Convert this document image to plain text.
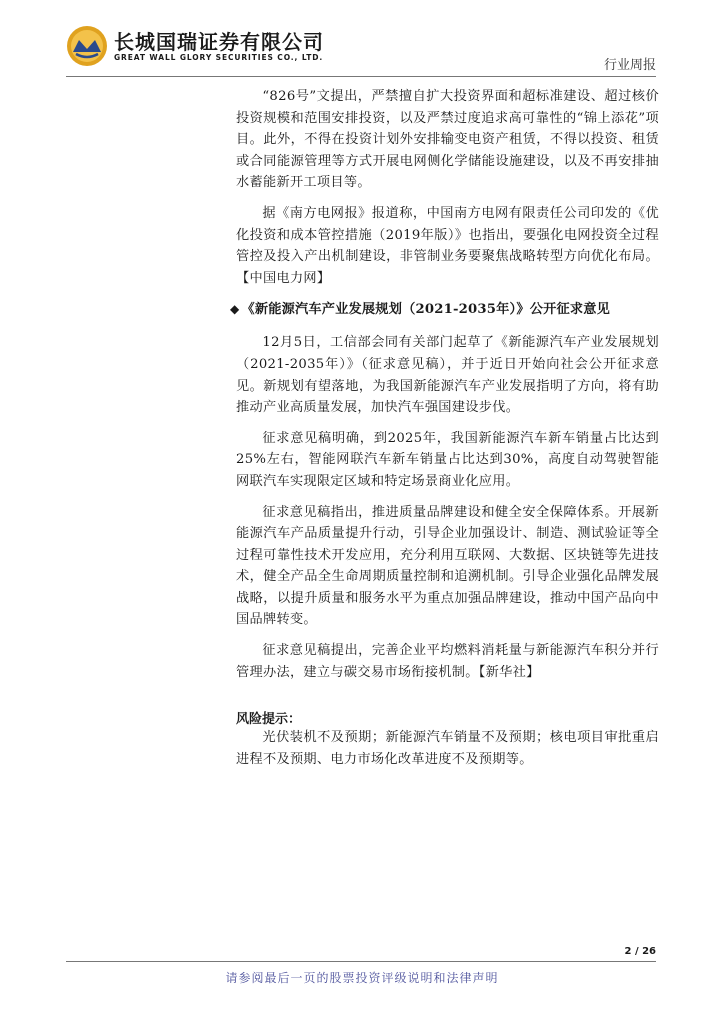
长城国瑞证券有限公司
GREAT WALL GLORY SECURITIES CO., LTD.
行业周报

“826号”文提出，严禁擅自扩大投资界面和超标准建设、超过核价投资规模和范围安排投资，以及严禁过度追求高可靠性的“锦上添花”项目。此外，不得在投资计划外安排输变电资产租赁，不得以投资、租赁或合同能源管理等方式开展电网侧化学储能设施建设，以及不再安排抽水蓄能新开工项目等。

据《南方电网报》报道称，中国南方电网有限责任公司印发的《优化投资和成本管控措施（2019年版）》也指出，要强化电网投资全过程管控及投入产出机制建设，非管制业务要聚焦战略转型方向优化布局。【中国电力网】

◆ 《新能源汽车产业发展规划（2021-2035年）》公开征求意见

12月5日，工信部会同有关部门起草了《新能源汽车产业发展规划（2021-2035年）》（征求意见稿），并于近日开始向社会公开征求意见。新规划有望落地，为我国新能源汽车产业发展指明了方向，将有助推动产业高质量发展，加快汽车强国建设步伐。

征求意见稿明确，到2025年，我国新能源汽车新车销量占比达到25%左右，智能网联汽车新车销量占比达到30%，高度自动驾驶智能网联汽车实现限定区域和特定场景商业化应用。

征求意见稿指出，推进质量品牌建设和健全安全保障体系。开展新能源汽车产品质量提升行动，引导企业加强设计、制造、测试验证等全过程可靠性技术开发应用，充分利用互联网、大数据、区块链等先进技术，健全产品全生命周期质量控制和追溯机制。引导企业强化品牌发展战略，以提升质量和服务水平为重点加强品牌建设，推动中国产品向中国品牌转变。

征求意见稿提出，完善企业平均燃料消耗量与新能源汽车积分并行管理办法，建立与碳交易市场衔接机制。【新华社】

风险提示：

光伏装机不及预期；新能源汽车销量不及预期；核电项目审批重启进程不及预期、电力市场化改革进度不及预期等。

2 / 26
请参阅最后一页的股票投资评级说明和法律声明
